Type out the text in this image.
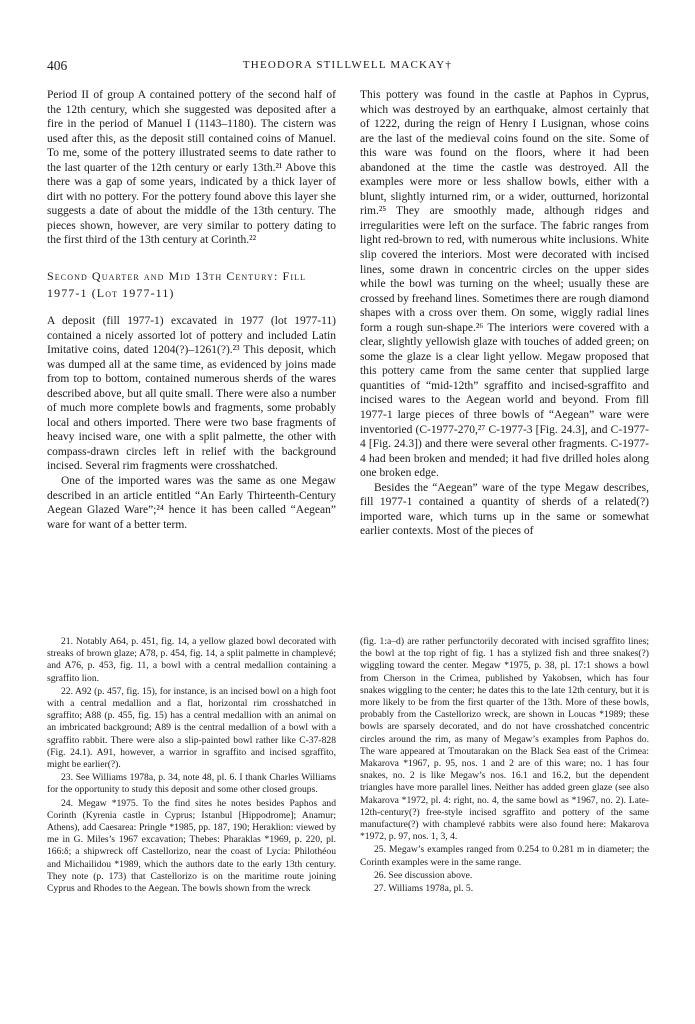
406	THEODORA STILLWELL MACKAY†

Period II of group A contained pottery of the second half of the 12th century, which she suggested was deposited after a fire in the period of Manuel I (1143–1180). The cistern was used after this, as the deposit still contained coins of Manuel. To me, some of the pottery illustrated seems to date rather to the last quarter of the 12th century or early 13th.²¹ Above this there was a gap of some years, indicated by a thick layer of dirt with no pottery. For the pottery found above this layer she suggests a date of about the middle of the 13th century. The pieces shown, however, are very similar to pottery dating to the first third of the 13th century at Corinth.²²

Second Quarter and Mid 13th Century: Fill 1977-1 (Lot 1977-11)

A deposit (fill 1977-1) excavated in 1977 (lot 1977-11) contained a nicely assorted lot of pottery and included Latin Imitative coins, dated 1204(?)–1261(?).²³ This deposit, which was dumped all at the same time, as evidenced by joins made from top to bottom, contained numerous sherds of the wares described above, but all quite small. There were also a number of much more complete bowls and fragments, some probably local and others imported. There were two base fragments of heavy incised ware, one with a split palmette, the other with compass-drawn circles left in relief with the background incised. Several rim fragments were crosshatched.

One of the imported wares was the same as one Megaw described in an article entitled “An Early Thirteenth-Century Aegean Glazed Ware”;²⁴ hence it has been called “Aegean” ware for want of a better term.

This pottery was found in the castle at Paphos in Cyprus, which was destroyed by an earthquake, almost certainly that of 1222, during the reign of Henry I Lusignan, whose coins are the last of the medieval coins found on the site. Some of this ware was found on the floors, where it had been abandoned at the time the castle was destroyed. All the examples were more or less shallow bowls, either with a blunt, slightly inturned rim, or a wider, outturned, horizontal rim.²⁵ They are smoothly made, although ridges and irregularities were left on the surface. The fabric ranges from light red-brown to red, with numerous white inclusions. White slip covered the interiors. Most were decorated with incised lines, some drawn in concentric circles on the upper sides while the bowl was turning on the wheel; usually these are crossed by freehand lines. Sometimes there are rough diamond shapes with a cross over them. On some, wiggly radial lines form a rough sun-shape.²⁶ The interiors were covered with a clear, slightly yellowish glaze with touches of added green; on some the glaze is a clear light yellow. Megaw proposed that this pottery came from the same center that supplied large quantities of “mid-12th” sgraffito and incised-sgraffito and incised wares to the Aegean world and beyond. From fill 1977-1 large pieces of three bowls of “Aegean” ware were inventoried (C-1977-270,²⁷ C-1977-3 [Fig. 24.3], and C-1977-4 [Fig. 24.3]) and there were several other fragments. C-1977-4 had been broken and mended; it had five drilled holes along one broken edge.

Besides the “Aegean” ware of the type Megaw describes, fill 1977-1 contained a quantity of sherds of a related(?) imported ware, which turns up in the same or somewhat earlier contexts. Most of the pieces of

21. Notably A64, p. 451, fig. 14, a yellow glazed bowl decorated with streaks of brown glaze; A78, p. 454, fig. 14, a split palmette in champlevé; and A76, p. 453, fig. 11, a bowl with a central medallion containing a sgraffito lion.

22. A92 (p. 457, fig. 15), for instance, is an incised bowl on a high foot with a central medallion and a flat, horizontal rim crosshatched in sgraffito; A88 (p. 455, fig. 15) has a central medallion with an animal on an imbricated background; A89 is the central medallion of a bowl with a sgraffito rabbit. There were also a slip-painted bowl rather like C-37-828 (Fig. 24.1). A91, however, a warrior in sgraffito and incised sgraffito, might be earlier(?).

23. See Williams 1978a, p. 34, note 48, pl. 6. I thank Charles Williams for the opportunity to study this deposit and some other closed groups.

24. Megaw *1975. To the find sites he notes besides Paphos and Corinth (Kyrenia castle in Cyprus; Istanbul [Hippodrome]; Anamur; Athens), add Caesarea: Pringle *1985, pp. 187, 190; Heraklion: viewed by me in G. Miles’s 1967 excavation; Thebes: Pharaklas *1969, p. 220, pl. 166:δ; a shipwreck off Castellorizo, near the coast of Lycia: Philothéou and Michailidou *1989, which the authors date to the early 13th century. They note (p. 173) that Castellorizo is on the maritime route joining Cyprus and Rhodes to the Aegean. The bowls shown from the wreck

(fig. 1:a–d) are rather perfunctorily decorated with incised sgraffito lines; the bowl at the top right of fig. 1 has a stylized fish and three snakes(?) wiggling toward the center. Megaw *1975, p. 38, pl. 17:1 shows a bowl from Cherson in the Crimea, published by Yakobsen, which has four snakes wiggling to the center; he dates this to the late 12th century, but it is more likely to be from the first quarter of the 13th. More of these bowls, probably from the Castellorizo wreck, are shown in Loucas *1989; these bowls are sparsely decorated, and do not have crosshatched concentric circles around the rim, as many of Megaw’s examples from Paphos do. The ware appeared at Tmoutarakan on the Black Sea east of the Crimea: Makarova *1967, p. 95, nos. 1 and 2 are of this ware; no. 1 has four snakes, no. 2 is like Megaw’s nos. 16.1 and 16.2, but the dependent triangles have more parallel lines. Neither has added green glaze (see also Makarova *1972, pl. 4: right, no. 4, the same bowl as *1967, no. 2). Late-12th-century(?) free-style incised sgraffito and pottery of the same manufacture(?) with champlevé rabbits were also found here: Makarova *1972, p. 97, nos. 1, 3, 4.

25. Megaw’s examples ranged from 0.254 to 0.281 m in diameter; the Corinth examples were in the same range.

26. See discussion above.

27. Williams 1978a, pl. 5.
